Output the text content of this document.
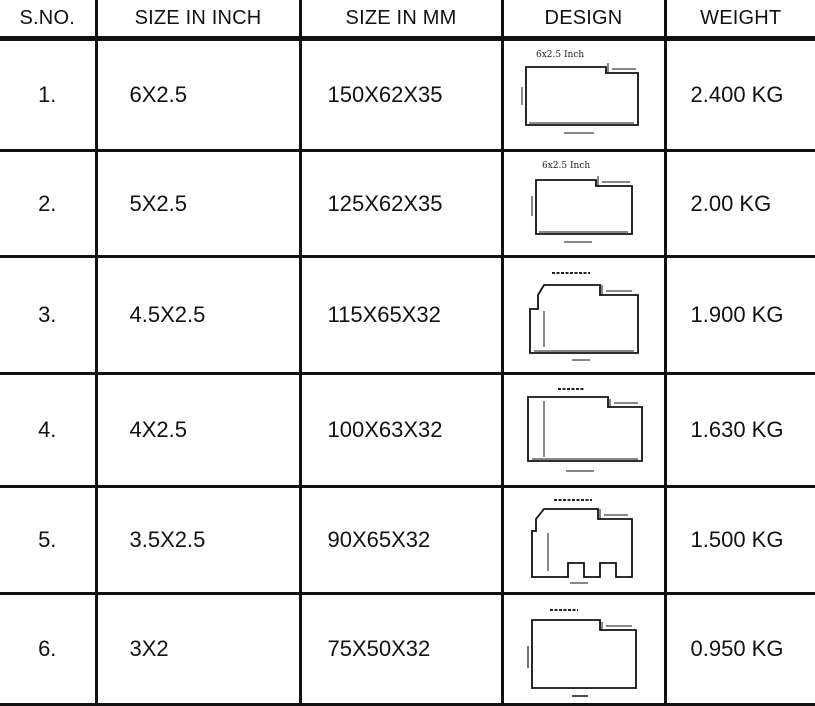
S.NO.	SIZE IN INCH	SIZE IN MM	DESIGN	WEIGHT
1.	6X2.5	150X62X35	6x2.5 Inch	2.400 KG
2.	5X2.5	125X62X35	6x2.5 Inch	2.00 KG
3.	4.5X2.5	115X65X32		1.900 KG
4.	4X2.5	100X63X32		1.630 KG
5.	3.5X2.5	90X65X32		1.500 KG
6.	3X2	75X50X32		0.950 KG
